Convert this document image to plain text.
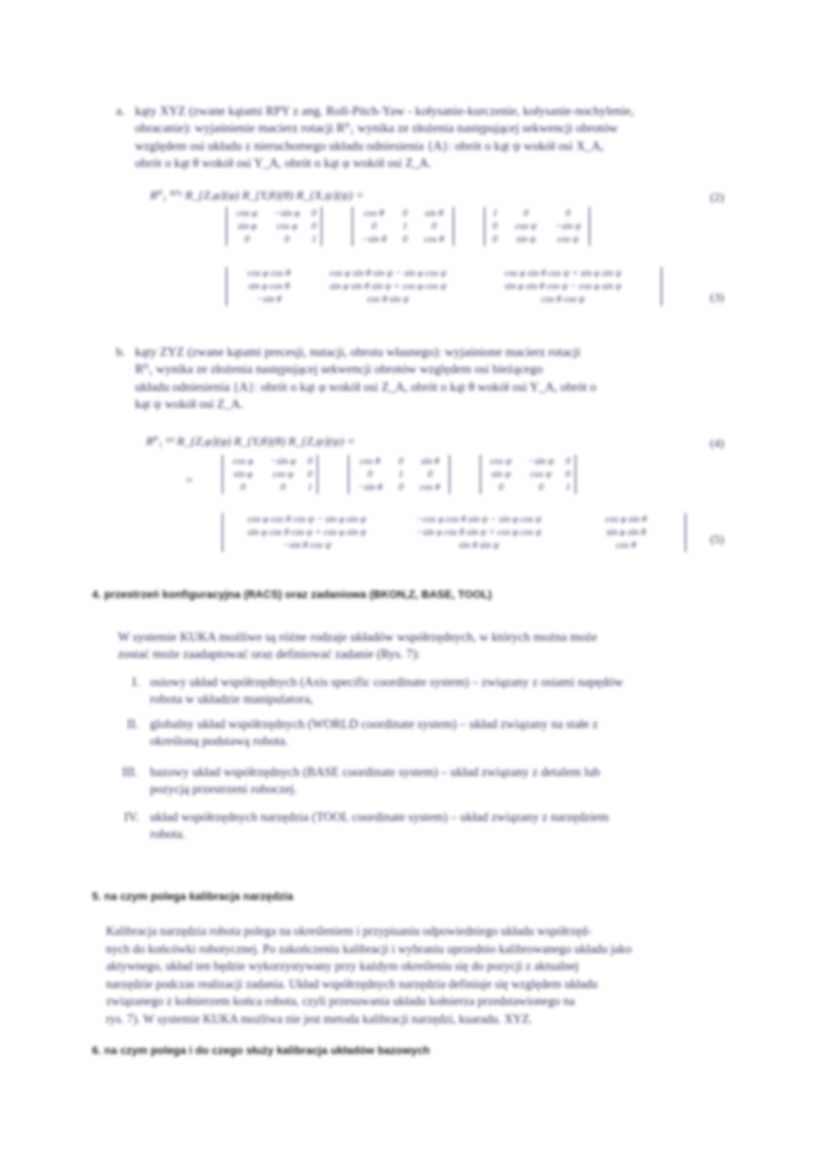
a. kąty XYZ (zwane kątami RPY z ang. Roll-Pitch-Yaw - kołysanie-kurczenie, kołysanie-nochylenie,
obracanie): wyjaśnienie macierz rotacji R⁰₁ wynika ze złożenia następującej sekwencji obrotów
względem osi układu z nieruchomego układu odniesienia {A}: obrót o kąt ψ wokół osi X_A,
obrót o kąt θ wokół osi Y_A, obrót o kąt φ wokół osi Z_A.
R⁰₁ ᴿᴾʸ R_{Z,φ}(φ) R_{Y,θ}(θ) R_{X,ψ}(ψ) =	(2)
cos φ	−sin φ	0
sin φ	cos φ	0
0	0	1
cos θ	0	sin θ
0	1	0
−sin θ	0	cos θ
1	0	0
0	cos ψ	−sin ψ
0	sin ψ	cos ψ
cos φ cos θ	cos φ sin θ sin ψ − sin φ cos ψ	cos φ sin θ cos ψ + sin φ sin ψ
sin φ cos θ	sin φ sin θ sin ψ + cos φ cos ψ	sin φ sin θ cos ψ − cos φ sin ψ
−sin θ	cos θ sin ψ	cos θ cos ψ	(3)
b. kąty ZYZ (zwane kątami precesji, nutacji, obrotu własnego): wyjaśnione macierz rotacji
R⁰₁ wynika ze złożenia następującej sekwencji obrotów względem osi bieżącego
układu odniesienia {A}: obrót o kąt φ wokół osi Z_A, obrót o kąt θ wokół osi Y_A, obrót o
kąt ψ wokół osi Z_A.
R⁰₁ ᶻʸᶻ R_{Z,φ}(φ) R_{Y,θ}(θ) R_{Z,ψ}(ψ) =	(4)
=
cos φ	−sin φ	0
sin φ	cos φ	0
0	0	1
cos θ	0	sin θ
0	1	0
−sin θ	0	cos θ
cos ψ	−sin ψ	0
sin ψ	cos ψ	0
0	0	1
cos φ cos θ cos ψ − sin φ sin ψ	−cos φ cos θ sin ψ − sin φ cos ψ	cos φ sin θ
sin φ cos θ cos ψ + cos φ sin ψ	−sin φ cos θ sin ψ + cos φ cos ψ	sin φ sin θ
−sin θ cos ψ	sin θ sin ψ	cos θ	(5)
4. przestrzeń konfiguracyjna (RACS) oraz zadaniowa (BKON,Z, BASE, TOOL)
W systemie KUKA możliwe są różne rodzaje układów współrzędnych, w których można może
zostać może zaadaptować oraz definiować zadanie (Rys. 7):
I. osiowy układ współrzędnych (Axis specific coordinate system) – związany z osiami napędów
robota w układzie manipulatora,
II. globalny układ współrzędnych (WORLD coordinate system) – układ związany na stałe z
określoną podstawą robota.
III. bazowy układ współrzędnych (BASE coordinate system) – układ związany z detalem lub
pozycją przestrzeni roboczej.
IV. układ współrzędnych narzędzia (TOOL coordinate system) – układ związany z narzędziem
robota.
5. na czym polega kalibracja narzędzia
Kalibracja narzędzia robota polega na określeniem i przypisaniu odpowiedniego układu współrzęd-
nych do końcówki robotycznej. Po zakończeniu kalibracji i wybraniu uprzednio kalibrowanego układu jako
aktywnego, układ ten będzie wykorzystywany przy każdym określeniu się do pozycji z aktualnej
narzędzie podczas realizacji zadania. Układ współrzędnych narzędzia definiuje się względem układu
związanego z kołnierzem końca robota, czyli przesuwania układu kołnierza przedstawionego na
rys. 7). W systemie KUKA możliwa nie jest metoda kalibracji narzędzi, kuaradu. XYZ.
6. na czym polega i do czego służy kalibracja układów bazowych
